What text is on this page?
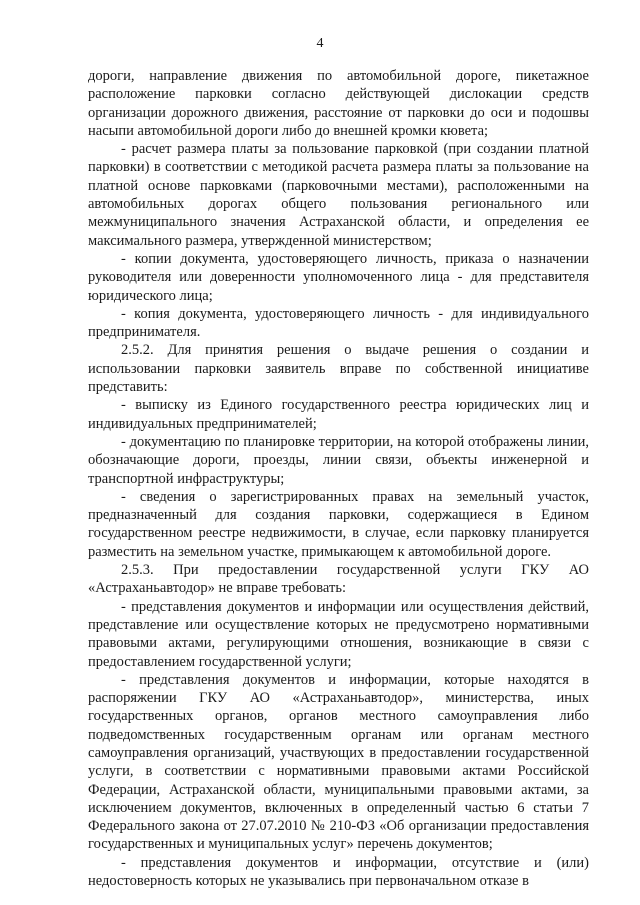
4

дороги, направление движения по автомобильной дороге, пикетажное расположение парковки согласно действующей дислокации средств организации дорожного движения, расстояние от парковки до оси и подошвы насыпи автомобильной дороги либо до внешней кромки кювета;

- расчет размера платы за пользование парковкой (при создании платной парковки) в соответствии с методикой расчета размера платы за пользование на платной основе парковками (парковочными местами), расположенными на автомобильных дорогах общего пользования регионального или межмуниципального значения Астраханской области, и определения ее максимального размера, утвержденной министерством;

- копии документа, удостоверяющего личность, приказа о назначении руководителя или доверенности уполномоченного лица - для представителя юридического лица;

- копия документа, удостоверяющего личность - для индивидуального предпринимателя.

2.5.2. Для принятия решения о выдаче решения о создании и использовании парковки заявитель вправе по собственной инициативе представить:

- выписку из Единого государственного реестра юридических лиц и индивидуальных предпринимателей;

- документацию по планировке территории, на которой отображены линии, обозначающие дороги, проезды, линии связи, объекты инженерной и транспортной инфраструктуры;

- сведения о зарегистрированных правах на земельный участок, предназначенный для создания парковки, содержащиеся в Едином государственном реестре недвижимости, в случае, если парковку планируется разместить на земельном участке, примыкающем к автомобильной дороге.

2.5.3. При предоставлении государственной услуги ГКУ АО «Астраханьавтодор» не вправе требовать:

- представления документов и информации или осуществления действий, представление или осуществление которых не предусмотрено нормативными правовыми актами, регулирующими отношения, возникающие в связи с предоставлением государственной услуги;

- представления документов и информации, которые находятся в распоряжении ГКУ АО «Астраханьавтодор», министерства, иных государственных органов, органов местного самоуправления либо подведомственных государственным органам или органам местного самоуправления организаций, участвующих в предоставлении государственной услуги, в соответствии с нормативными правовыми актами Российской Федерации, Астраханской области, муниципальными правовыми актами, за исключением документов, включенных в определенный частью 6 статьи 7 Федерального закона от 27.07.2010 № 210-ФЗ «Об организации предоставления государственных и муниципальных услуг» перечень документов;

- представления документов и информации, отсутствие и (или) недостоверность которых не указывались при первоначальном отказе в
